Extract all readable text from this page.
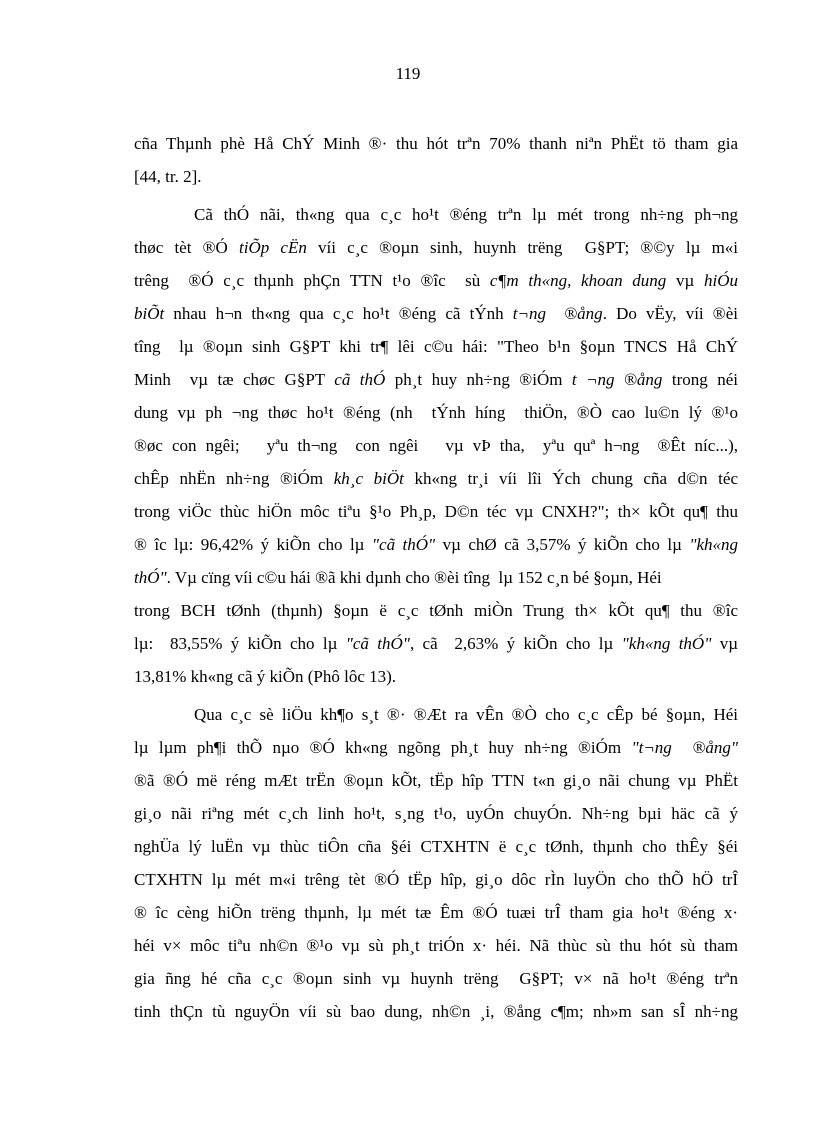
119
cña Thµnh phè Hå ChÝ Minh ®· thu hót trªn 70% thanh niªn PhËt tö tham gia
[44, tr. 2].
Cã thÓ nãi, th«ng qua c¸c ho¹t ®éng trªn lµ mét trong nh÷ng ph¬ng
thøc tèt ®Ó tiÕp cËn víi c¸c ®oµn sinh, huynh trëng  G§PT; ®©y lµ m«i
trêng  ®Ó c¸c thµnh phÇn TTN t¹o ®îc  sù c¶m th«ng, khoan dung vµ hiÓu
biÕt nhau h¬n th«ng qua c¸c ho¹t ®éng cã tÝnh t¬ng  ®ång. Do vËy, víi ®èi
tîng  lµ ®oµn sinh G§PT khi tr¶ lêi c©u hái: "Theo b¹n §oµn TNCS Hå ChÝ
Minh  vµ tæ chøc G§PT cã thÓ ph¸t huy nh÷ng ®iÓm t ¬ng ®ång trong néi
dung vµ ph ¬ng thøc ho¹t ®éng (nh  tÝnh híng  thiÖn, ®Ò cao lu©n lý ®¹o
®øc con ngêi;   yªu th¬ng  con ngêi   vµ vÞ tha,  yªu quª h¬ng  ®Êt níc...),
chÊp nhËn nh÷ng ®iÓm kh¸c biÖt kh«ng tr¸i víi lîi Ých chung cña d©n téc
trong viÖc thùc hiÖn môc tiªu §¹o Ph¸p, D©n téc vµ CNXH?"; th× kÕt qu¶ thu
® îc lµ: 96,42% ý kiÕn cho lµ "cã thÓ" vµ chØ cã 3,57% ý kiÕn cho lµ "kh«ng
thÓ". Vµ cïng víi c©u hái ®ã khi dµnh cho ®èi tîng  lµ 152 c¸n bé §oµn, Héi
trong BCH tØnh (thµnh) §oµn ë c¸c tØnh miÒn Trung th× kÕt qu¶ thu ®îc
lµ:  83,55% ý kiÕn cho lµ "cã thÓ", cã  2,63% ý kiÕn cho lµ "kh«ng thÓ" vµ
13,81% kh«ng cã ý kiÕn (Phô lôc 13).
Qua c¸c sè liÖu kh¶o s¸t ®· ®Æt ra vÊn ®Ò cho c¸c cÊp bé §oµn, Héi
lµ lµm ph¶i thÕ nµo ®Ó kh«ng ngõng ph¸t huy nh÷ng ®iÓm "t¬ng  ®ång"
®ã ®Ó më réng mÆt trËn ®oµn kÕt, tËp hîp TTN t«n gi¸o nãi chung vµ PhËt
gi¸o nãi riªng mét c¸ch linh ho¹t, s¸ng t¹o, uyÓn chuyÓn. Nh÷ng bµi häc cã ý
nghÜa lý luËn vµ thùc tiÔn cña §éi CTXHTN ë c¸c tØnh, thµnh cho thÊy §éi
CTXHTN lµ mét m«i trêng tèt ®Ó tËp hîp, gi¸o dôc rÌn luyÖn cho thÕ hÖ trÎ
® îc cèng hiÕn trëng thµnh, lµ mét tæ Êm ®Ó tuæi trÎ tham gia ho¹t ®éng x·
héi v× môc tiªu nh©n ®¹o vµ sù ph¸t triÓn x· héi. Nã thùc sù thu hót sù tham
gia ñng hé cña c¸c ®oµn sinh vµ huynh trëng  G§PT; v× nã ho¹t ®éng trªn
tinh thÇn tù nguyÖn víi sù bao dung, nh©n ¸i, ®ång c¶m; nh»m san sÎ nh÷ng
